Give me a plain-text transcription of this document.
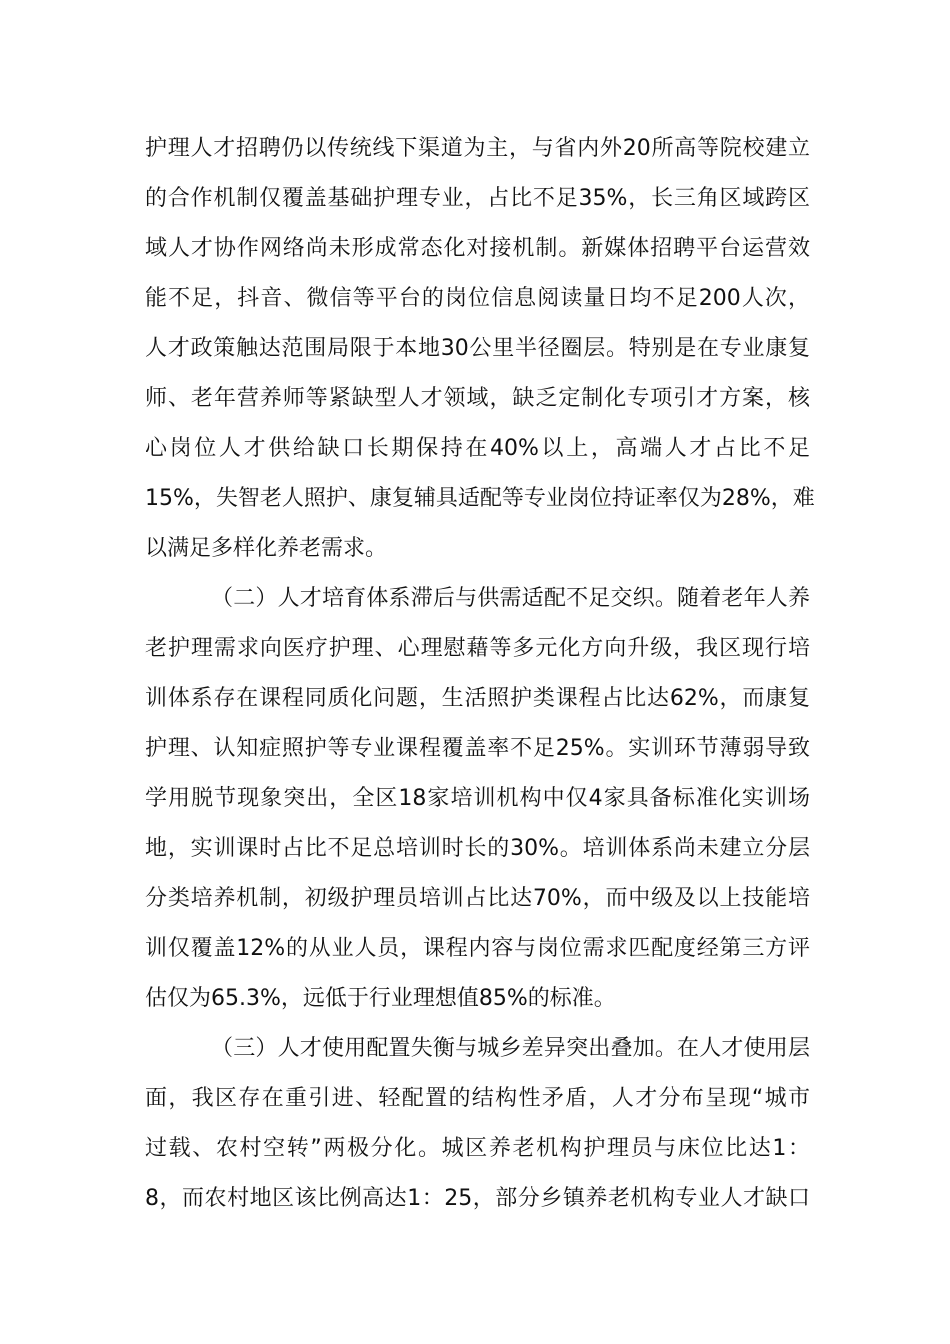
护理人才招聘仍以传统线下渠道为主，与省内外20所高等院校建立
的合作机制仅覆盖基础护理专业，占比不足35%，长三角区域跨区
域人才协作网络尚未形成常态化对接机制。新媒体招聘平台运营效
能不足，抖音、微信等平台的岗位信息阅读量日均不足200人次，
人才政策触达范围局限于本地30公里半径圈层。特别是在专业康复
师、老年营养师等紧缺型人才领域，缺乏定制化专项引才方案，核
心岗位人才供给缺口长期保持在40%以上，高端人才占比不足
15%，失智老人照护、康复辅具适配等专业岗位持证率仅为28%，难
以满足多样化养老需求。
（二）人才培育体系滞后与供需适配不足交织。随着老年人养
老护理需求向医疗护理、心理慰藉等多元化方向升级，我区现行培
训体系存在课程同质化问题，生活照护类课程占比达62%，而康复
护理、认知症照护等专业课程覆盖率不足25%。实训环节薄弱导致
学用脱节现象突出，全区18家培训机构中仅4家具备标准化实训场
地，实训课时占比不足总培训时长的30%。培训体系尚未建立分层
分类培养机制，初级护理员培训占比达70%，而中级及以上技能培
训仅覆盖12%的从业人员，课程内容与岗位需求匹配度经第三方评
估仅为65.3%，远低于行业理想值85%的标准。
（三）人才使用配置失衡与城乡差异突出叠加。在人才使用层
面，我区存在重引进、轻配置的结构性矛盾，人才分布呈现“城市
过载、农村空转”两极分化。城区养老机构护理员与床位比达1：
8，而农村地区该比例高达1：25，部分乡镇养老机构专业人才缺口
